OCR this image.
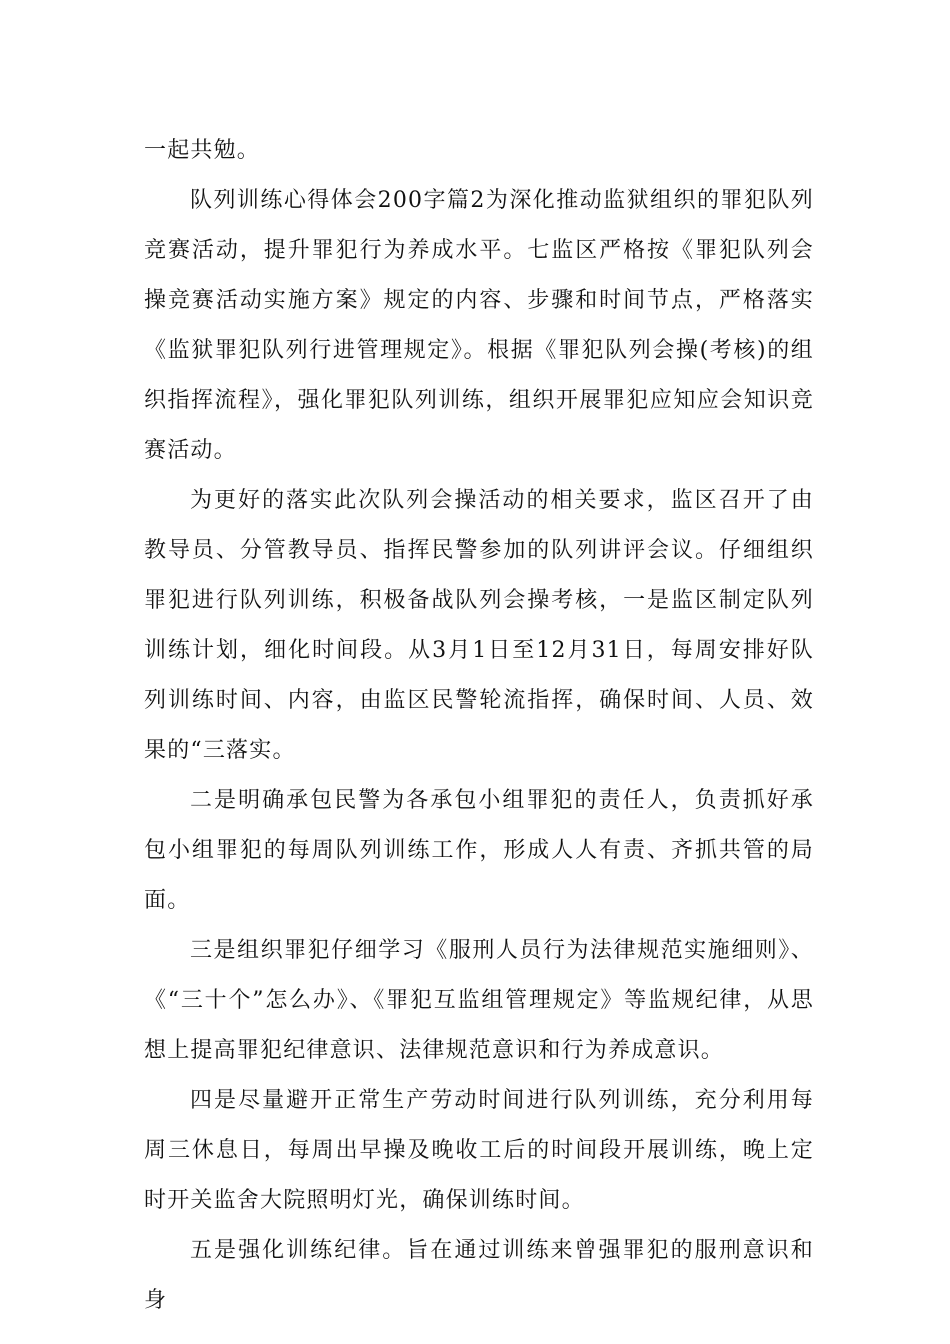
一起共勉。

队列训练心得体会200字篇2为深化推动监狱组织的罪犯队列竞赛活动，提升罪犯行为养成水平。七监区严格按《罪犯队列会操竞赛活动实施方案》规定的内容、步骤和时间节点，严格落实《监狱罪犯队列行进管理规定》。根据《罪犯队列会操(考核)的组织指挥流程》，强化罪犯队列训练，组织开展罪犯应知应会知识竞赛活动。

为更好的落实此次队列会操活动的相关要求，监区召开了由教导员、分管教导员、指挥民警参加的队列讲评会议。仔细组织罪犯进行队列训练，积极备战队列会操考核，一是监区制定队列训练计划，细化时间段。从3月1日至12月31日，每周安排好队列训练时间、内容，由监区民警轮流指挥，确保时间、人员、效果的“三落实。

二是明确承包民警为各承包小组罪犯的责任人，负责抓好承包小组罪犯的每周队列训练工作，形成人人有责、齐抓共管的局面。

三是组织罪犯仔细学习《服刑人员行为法律规范实施细则》、《“三十个”怎么办》、《罪犯互监组管理规定》等监规纪律，从思想上提高罪犯纪律意识、法律规范意识和行为养成意识。

四是尽量避开正常生产劳动时间进行队列训练，充分利用每周三休息日，每周出早操及晚收工后的时间段开展训练，晚上定时开关监舍大院照明灯光，确保训练时间。

五是强化训练纪律。旨在通过训练来曾强罪犯的服刑意识和身
